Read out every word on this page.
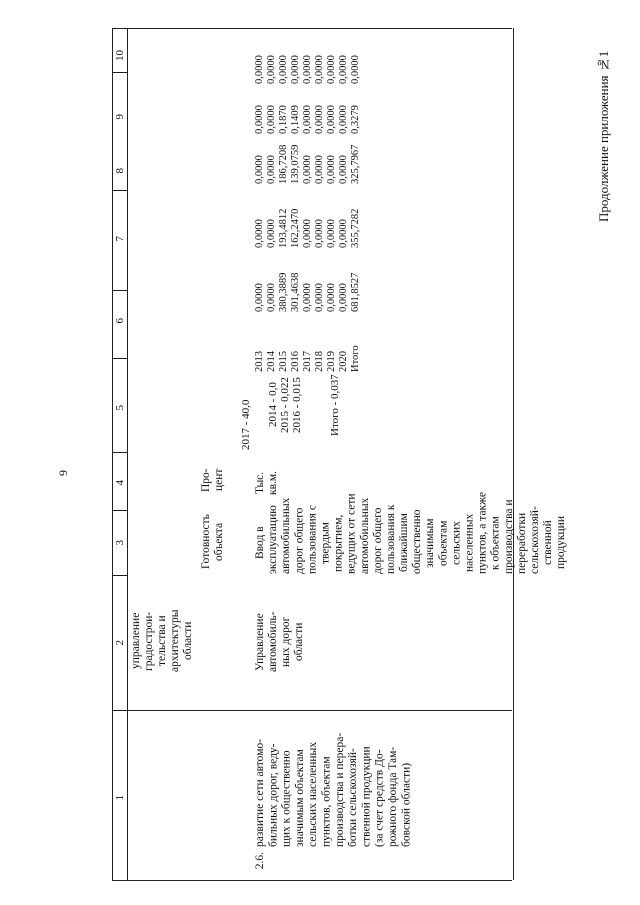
Продолжение приложения №1
9
10
9
8
7
6
5
4
3
2
1
управление
градострои-
тельства и
архитектуры
области
Готовность
объекта
Про-
цент
2017 - 40,0
2.6.
развитие сети автомо-
бильных дорог, веду-
щих к общественно
значимым объектам
сельских населенных
пунктов, объектам
производства и перера-
ботки сельскохозяй-
ственной продукции
(за счет средств До-
рожного фонда Там-
бовской области)
Управление
автомобиль-
ных дорог
области
Ввод в
эксплуатацию
автомобильных
дорог общего
пользования с
твердым
покрытием,
ведущих от сети
автомобильных
дорог общего
пользования к
ближайшим
общественно
значимым
объектам
сельских
населенных
пунктов, а также
к объектам
производства и
переработки
сельскохозяй-
ственной
продукции
Тыс.
кв.м.
2014 - 0,0 2015 - 0,022 2016 - 0,015 Итого - 0,037
2013 2014 2015 2016 2017 2018 2019 2020 Итого
0,0000 0,0000 380,3889 301,4638 0,0000 0,0000 0,0000 0,0000 681,8527
0,0000 0,0000 193,4812 162,2470 0,0000 0,0000 0,0000 0,0000 355,7282
0,0000 0,0000 186,7208 139,0759 0,0000 0,0000 0,0000 0,0000 325,7967
0,0000 0,0000 0,1870 0,1409 0,0000 0,0000 0,0000 0,0000 0,3279
0,0000 0,0000 0,0000 0,0000 0,0000 0,0000 0,0000 0,0000 0,0000
